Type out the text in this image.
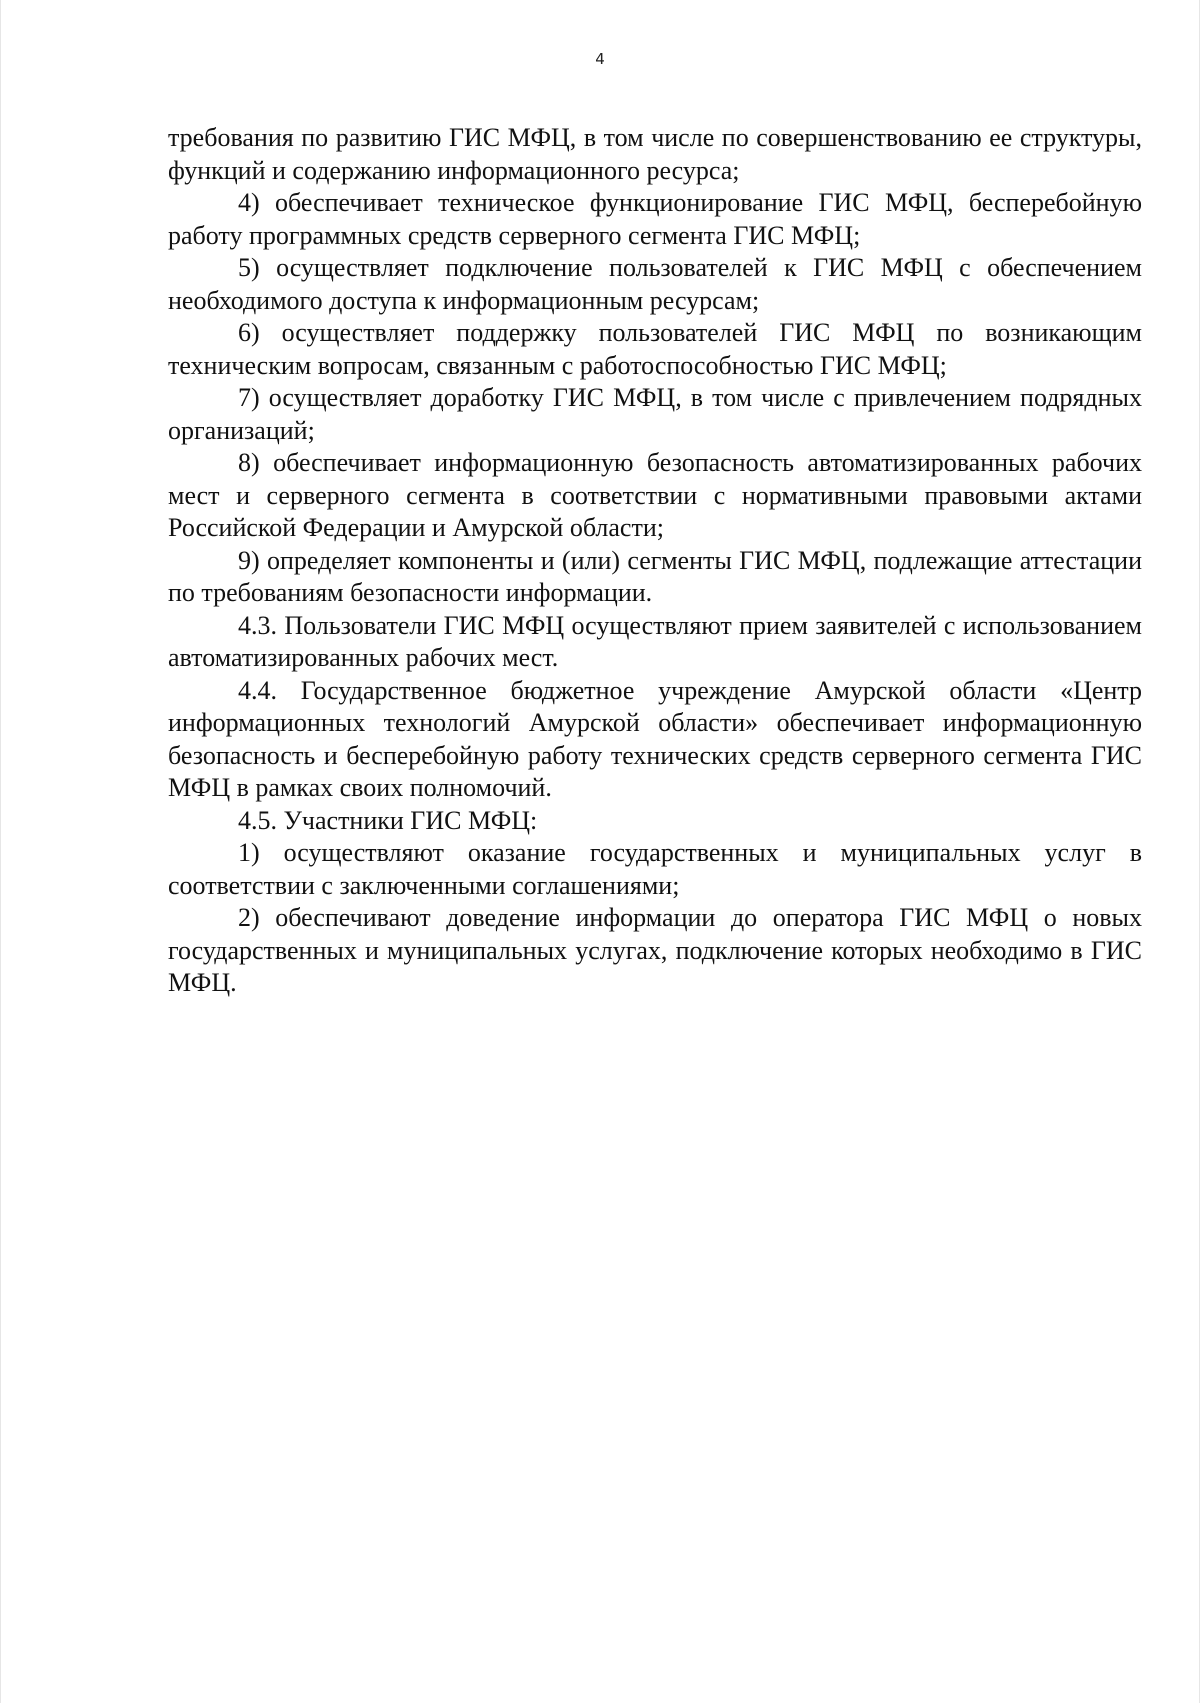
4

требования по развитию ГИС МФЦ, в том числе по совершенствованию ее структуры, функций и содержанию информационного ресурса;

4) обеспечивает техническое функционирование ГИС МФЦ, бесперебойную работу программных средств серверного сегмента ГИС МФЦ;

5) осуществляет подключение пользователей к ГИС МФЦ с обеспечением необходимого доступа к информационным ресурсам;

6) осуществляет поддержку пользователей ГИС МФЦ по возникающим техническим вопросам, связанным с работоспособностью ГИС МФЦ;

7) осуществляет доработку ГИС МФЦ, в том числе с привлечением подрядных организаций;

8) обеспечивает информационную безопасность автоматизированных рабочих мест и серверного сегмента в соответствии с нормативными правовыми актами Российской Федерации и Амурской области;

9) определяет компоненты и (или) сегменты ГИС МФЦ, подлежащие аттестации по требованиям безопасности информации.

4.3. Пользователи ГИС МФЦ осуществляют прием заявителей с использованием автоматизированных рабочих мест.

4.4. Государственное бюджетное учреждение Амурской области «Центр информационных технологий Амурской области» обеспечивает информационную безопасность и бесперебойную работу технических средств серверного сегмента ГИС МФЦ в рамках своих полномочий.

4.5. Участники ГИС МФЦ:

1) осуществляют оказание государственных и муниципальных услуг в соответствии с заключенными соглашениями;

2) обеспечивают доведение информации до оператора ГИС МФЦ о новых государственных и муниципальных услугах, подключение которых необходимо в ГИС МФЦ.
